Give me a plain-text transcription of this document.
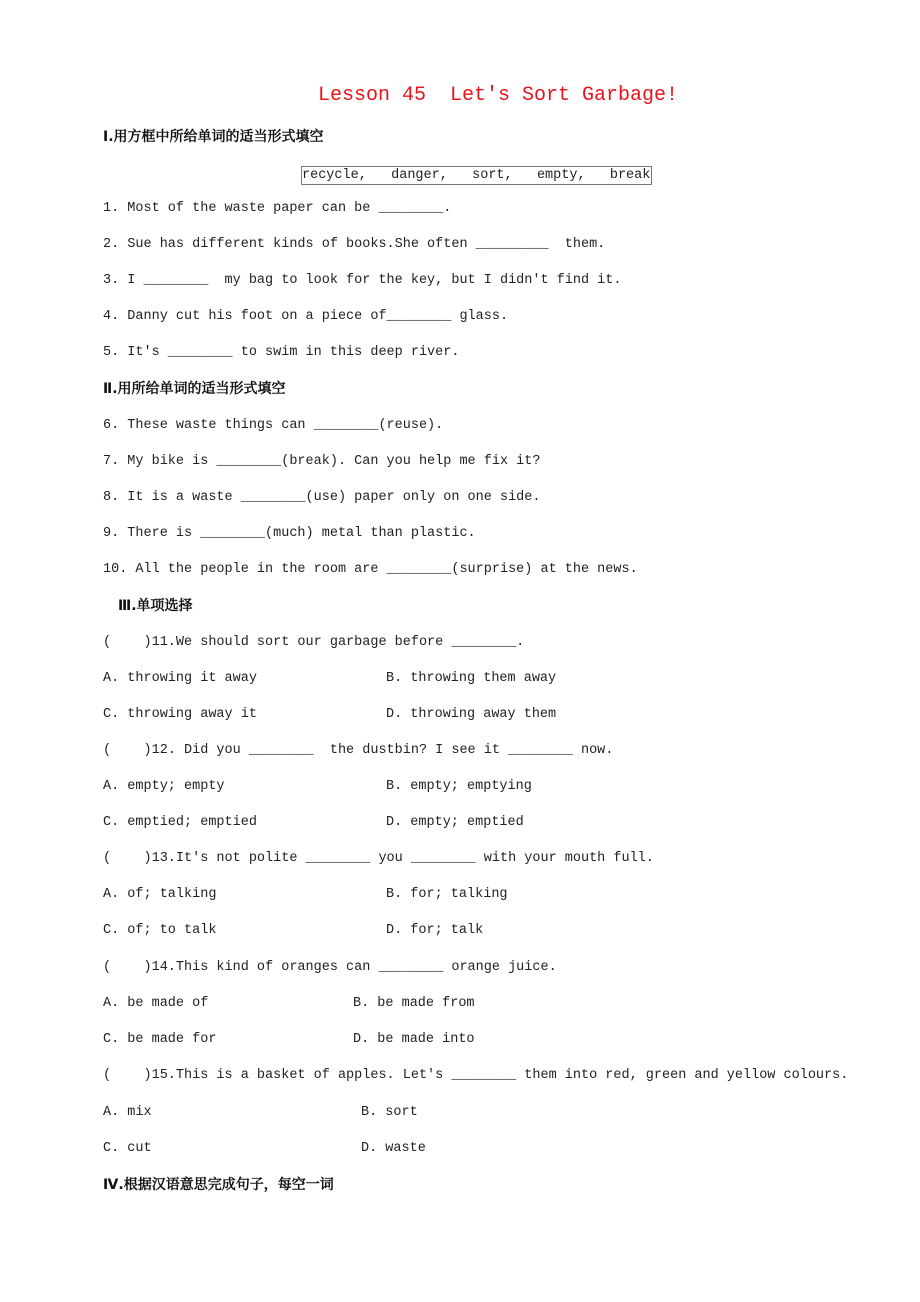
Lesson 45  Let's Sort Garbage!
Ⅰ.用方框中所给单词的适当形式填空
recycle,   danger,   sort,   empty,   break
1. Most of the waste paper can be ________.
2. Sue has different kinds of books.She often _________  them.
3. I ________  my bag to look for the key, but I didn't find it.
4. Danny cut his foot on a piece of________ glass.
5. It's ________ to swim in this deep river.
Ⅱ.用所给单词的适当形式填空
6. These waste things can ________(reuse).
7. My bike is ________(break). Can you help me fix it?
8. It is a waste ________(use) paper only on one side.
9. There is ________(much) metal than plastic.
10. All the people in the room are ________(surprise) at the news.
Ⅲ.单项选择
(    )11.We should sort our garbage before ________.
A. throwing it away	B. throwing them away
C. throwing away it	D. throwing away them
(    )12. Did you ________  the dustbin? I see it ________ now.
A. empty; empty	B. empty; emptying
C. emptied; emptied	D. empty; emptied
(    )13.It's not polite ________ you ________ with your mouth full.
A. of; talking	B. for; talking
C. of; to talk	D. for; talk
(    )14.This kind of oranges can ________ orange juice.
A. be made of	B. be made from
C. be made for	D. be made into
(    )15.This is a basket of apples. Let's ________ them into red, green and yellow colours.
A. mix	B. sort
C. cut	D. waste
Ⅳ.根据汉语意思完成句子，每空一词
